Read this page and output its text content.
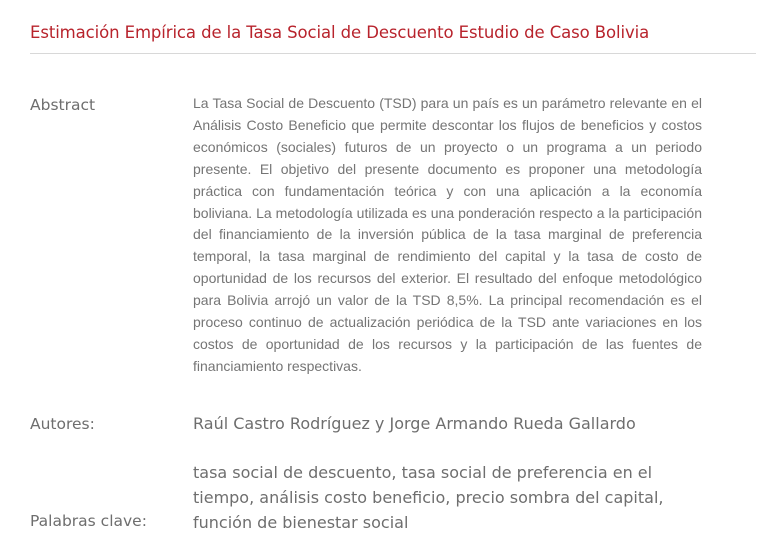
Estimación Empírica de la Tasa Social de Descuento Estudio de Caso Bolivia
Abstract	La Tasa Social de Descuento (TSD) para un país es un parámetro relevante en el Análisis Costo Beneficio que permite descontar los flujos de beneficios y costos económicos (sociales) futuros de un proyecto o un programa a un periodo presente. El objetivo del presente documento es proponer una metodología práctica con fundamentación teórica y con una aplicación a la economía boliviana. La metodología utilizada es una ponderación respecto a la participación del financiamiento de la inversión pública de la tasa marginal de preferencia temporal, la tasa marginal de rendimiento del capital y la tasa de costo de oportunidad de los recursos del exterior. El resultado del enfoque metodológico para Bolivia arrojó un valor de la TSD 8,5%. La principal recomendación es el proceso continuo de actualización periódica de la TSD ante variaciones en los costos de oportunidad de los recursos y la participación de las fuentes de financiamiento respectivas.

Autores:	Raúl Castro Rodríguez y Jorge Armando Rueda Gallardo
Palabras clave:

tasa social de descuento, tasa social de preferencia en el tiempo, análisis costo beneficio, precio sombra del capital, función de bienestar social
